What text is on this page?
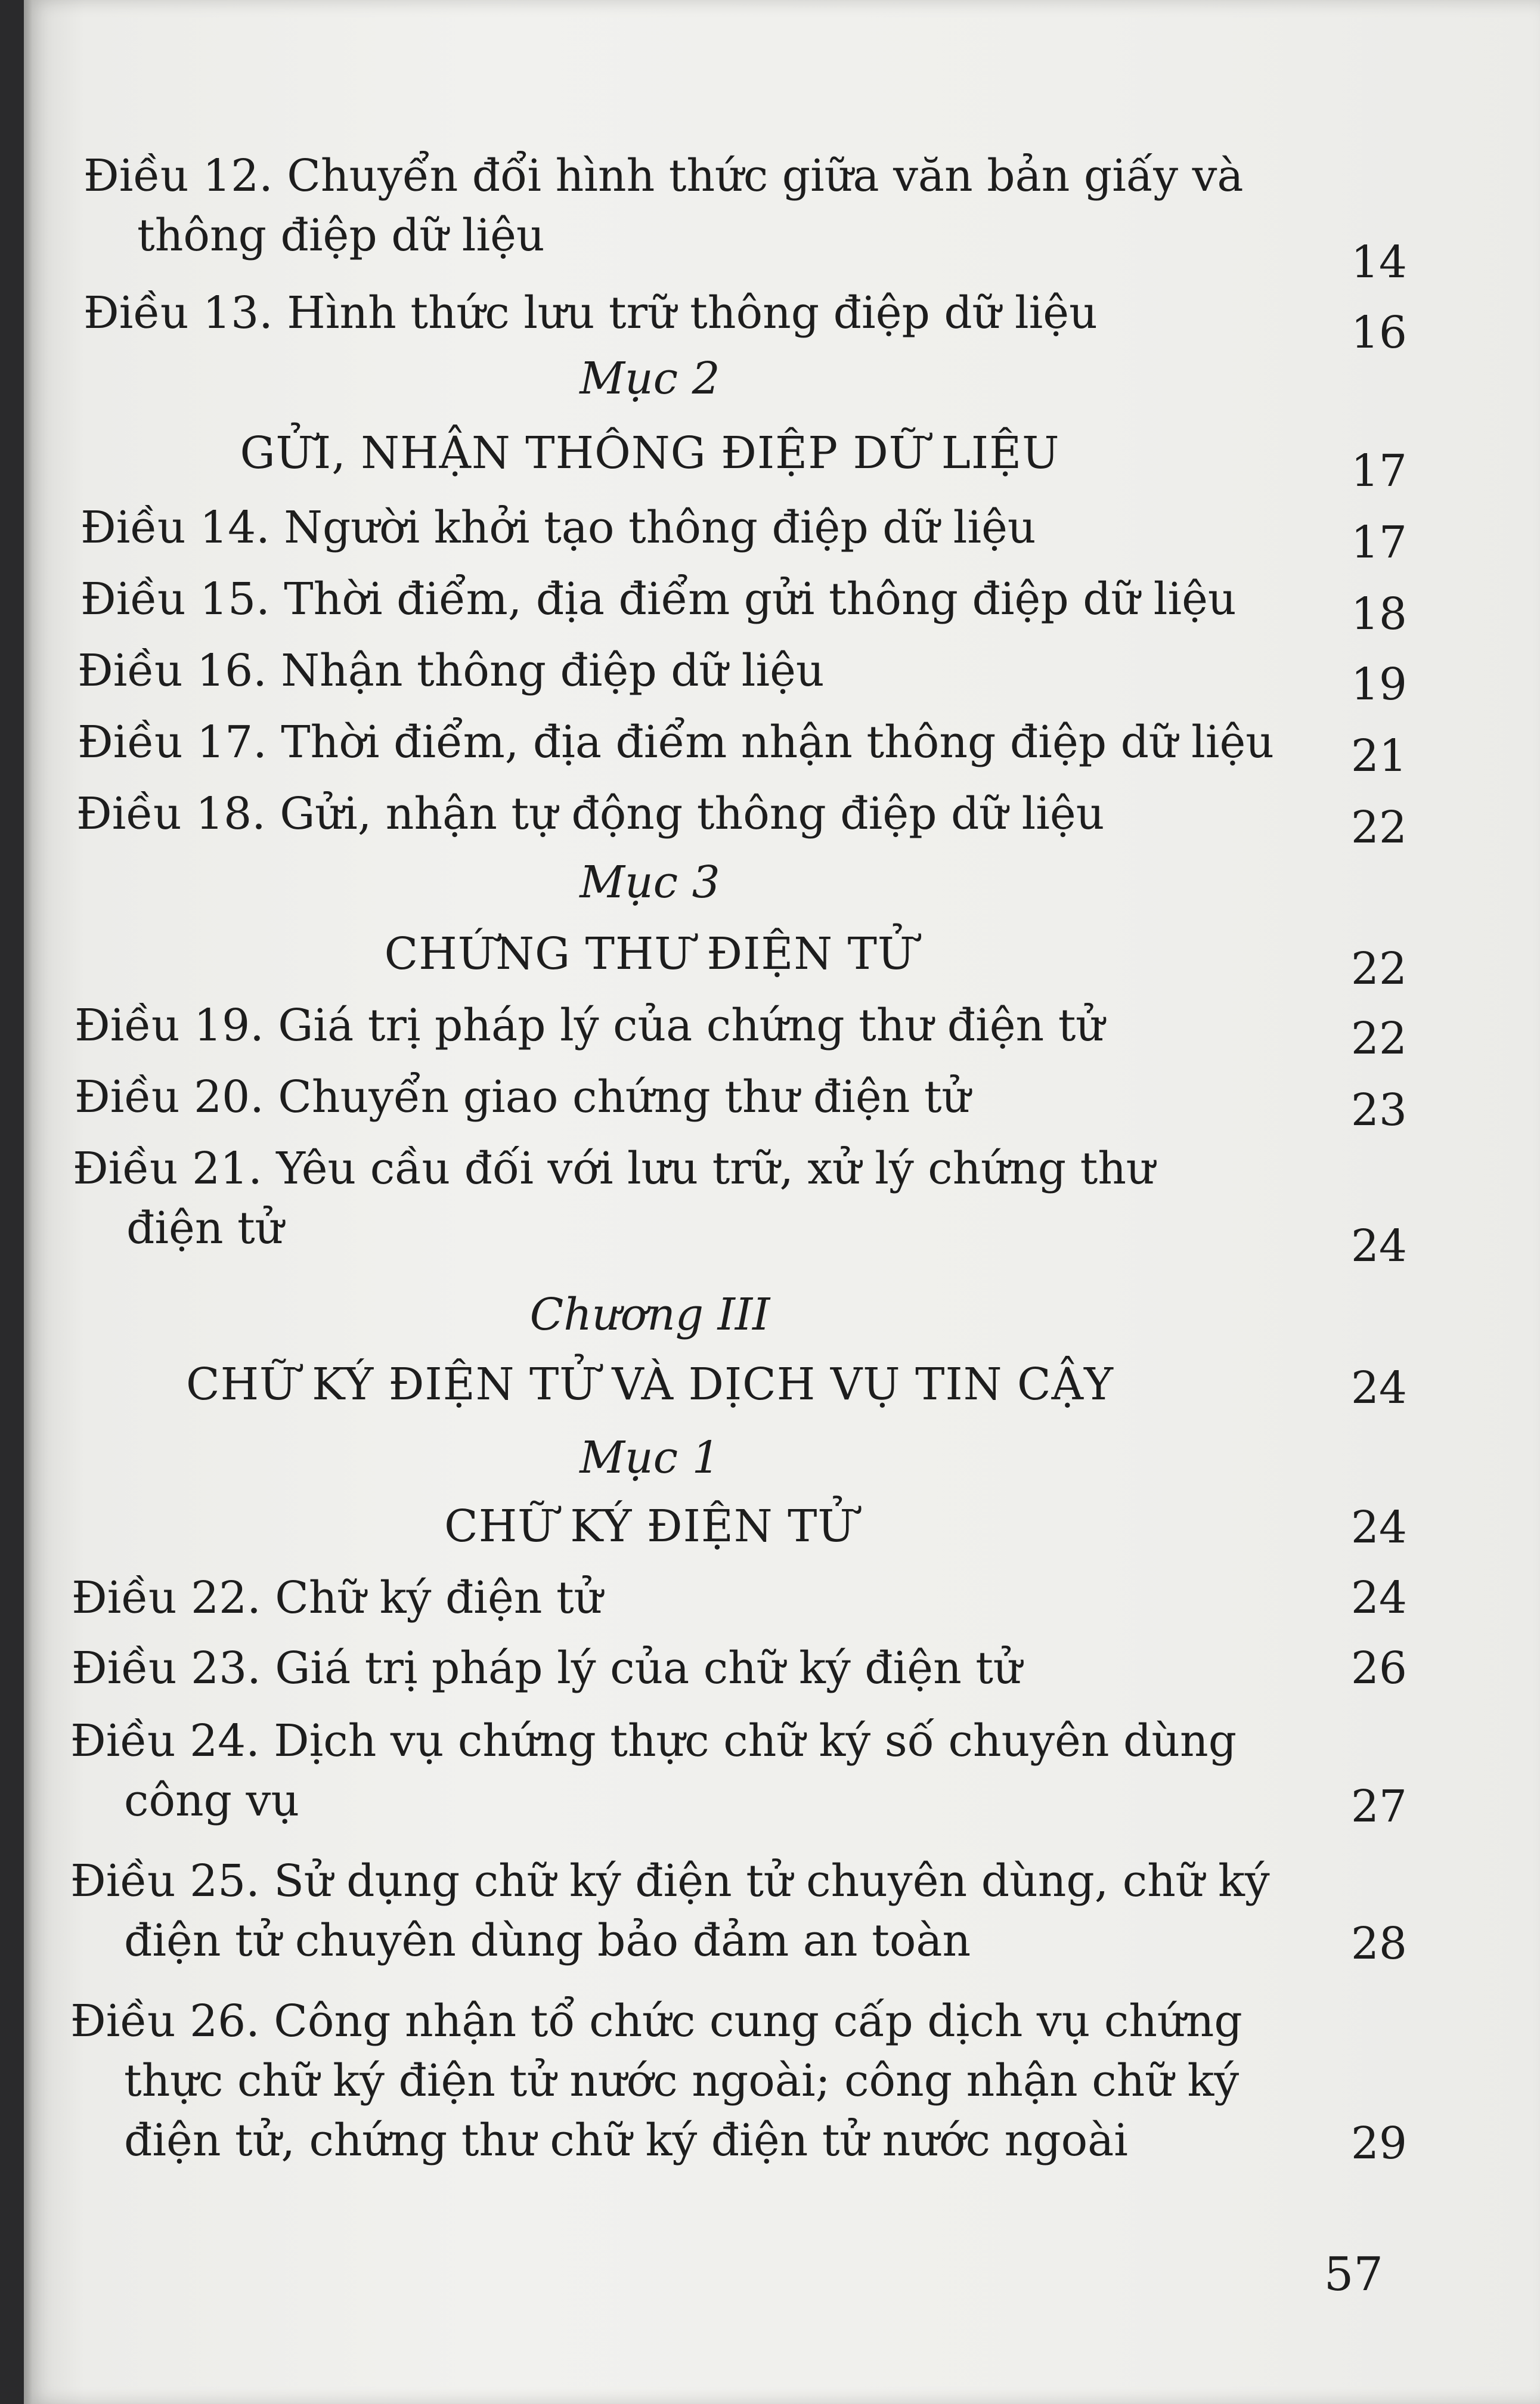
Điều 12. Chuyển đổi hình thức giữa văn bản giấy và
thông điệp dữ liệu
14
Điều 13. Hình thức lưu trữ thông điệp dữ liệu	16
Mục 2
GỬI, NHẬN THÔNG ĐIỆP DỮ LIỆU	17
Điều 14. Người khởi tạo thông điệp dữ liệu	17
Điều 15. Thời điểm, địa điểm gửi thông điệp dữ liệu	18
Điều 16. Nhận thông điệp dữ liệu	19
Điều 17. Thời điểm, địa điểm nhận thông điệp dữ liệu	21
Điều 18. Gửi, nhận tự động thông điệp dữ liệu	22
Mục 3
CHỨNG THƯ ĐIỆN TỬ	22
Điều 19. Giá trị pháp lý của chứng thư điện tử	22
Điều 20. Chuyển giao chứng thư điện tử	23
Điều 21. Yêu cầu đối với lưu trữ, xử lý chứng thư
điện tử	24
Chương III
CHỮ KÝ ĐIỆN TỬ VÀ DỊCH VỤ TIN CẬY	24
Mục 1
CHỮ KÝ ĐIỆN TỬ	24
Điều 22. Chữ ký điện tử	24
Điều 23. Giá trị pháp lý của chữ ký điện tử	26
Điều 24. Dịch vụ chứng thực chữ ký số chuyên dùng
công vụ	27
Điều 25. Sử dụng chữ ký điện tử chuyên dùng, chữ ký
điện tử chuyên dùng bảo đảm an toàn	28
Điều 26. Công nhận tổ chức cung cấp dịch vụ chứng
thực chữ ký điện tử nước ngoài; công nhận chữ ký
điện tử, chứng thư chữ ký điện tử nước ngoài	29
57
